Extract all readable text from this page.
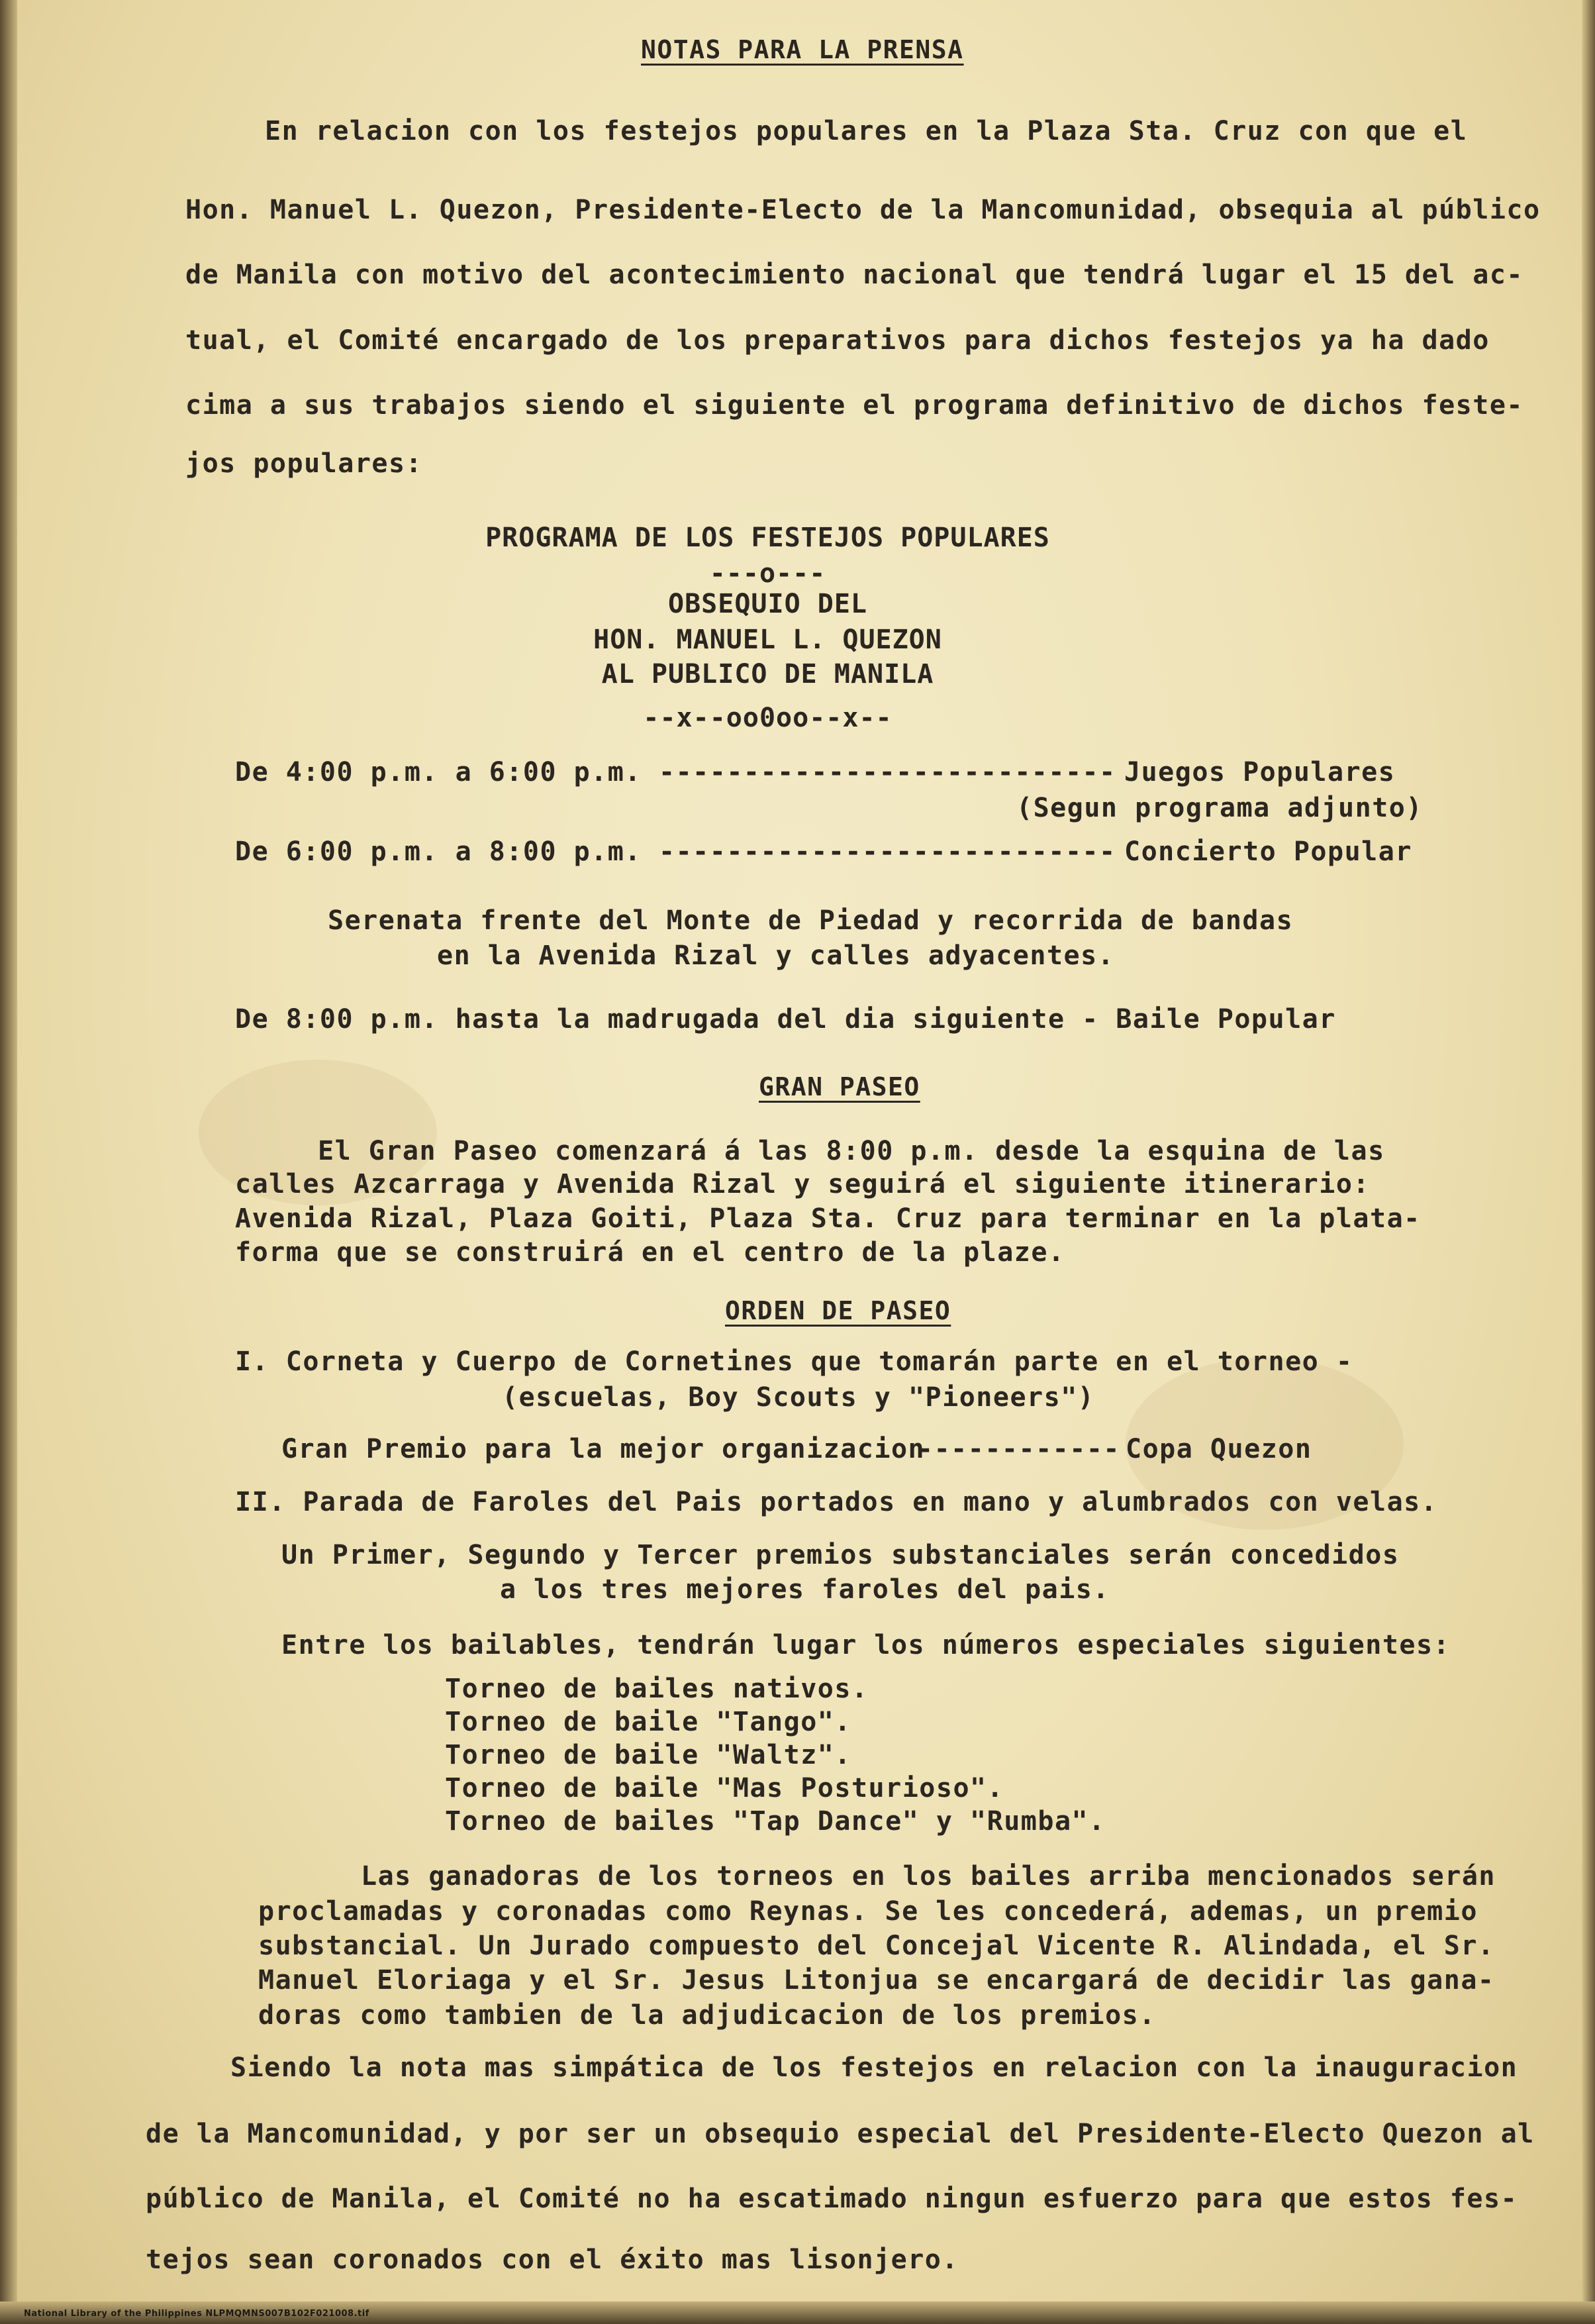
NOTAS PARA LA PRENSA
En relacion con los festejos populares en la Plaza Sta. Cruz con que el
Hon. Manuel L. Quezon, Presidente-Electo de la Mancomunidad, obsequia al público
de Manila con motivo del acontecimiento nacional que tendrá lugar el 15 del ac-
tual, el Comité encargado de los preparativos para dichos festejos ya ha dado
cima a sus trabajos siendo el siguiente el programa definitivo de dichos feste-
jos populares:
PROGRAMA DE LOS FESTEJOS POPULARES
---o---
OBSEQUIO DEL
HON. MANUEL L. QUEZON
AL PUBLICO DE MANILA
--x--oo0oo--x--
De 4:00 p.m. a 6:00 p.m. --------------------------- Juegos Populares
(Segun programa adjunto)
De 6:00 p.m. a 8:00 p.m. --------------------------- Concierto Popular
Serenata frente del Monte de Piedad y recorrida de bandas
en la Avenida Rizal y calles adyacentes.
De 8:00 p.m. hasta la madrugada del dia siguiente - Baile Popular
GRAN PASEO
El Gran Paseo comenzará á las 8:00 p.m. desde la esquina de las
calles Azcarraga y Avenida Rizal y seguirá el siguiente itinerario:
Avenida Rizal, Plaza Goiti, Plaza Sta. Cruz para terminar en la plata-
forma que se construirá en el centro de la plaze.
ORDEN DE PASEO
I. Corneta y Cuerpo de Cornetines que tomarán parte en el torneo -
(escuelas, Boy Scouts y "Pioneers")
Gran Premio para la mejor organizacion
------------ Copa Quezon
II. Parada de Faroles del Pais portados en mano y alumbrados con velas.
Un Primer, Segundo y Tercer premios substanciales serán concedidos
a los tres mejores faroles del pais.
Entre los bailables, tendrán lugar los números especiales siguientes:
Torneo de bailes nativos.
Torneo de baile "Tango".
Torneo de baile "Waltz".
Torneo de baile "Mas Posturioso".
Torneo de bailes "Tap Dance" y "Rumba".
Las ganadoras de los torneos en los bailes arriba mencionados serán
proclamadas y coronadas como Reynas. Se les concederá, ademas, un premio
substancial. Un Jurado compuesto del Concejal Vicente R. Alindada, el Sr.
Manuel Eloriaga y el Sr. Jesus Litonjua se encargará de decidir las gana-
doras como tambien de la adjudicacion de los premios.
Siendo la nota mas simpática de los festejos en relacion con la inauguracion
de la Mancomunidad, y por ser un obsequio especial del Presidente-Electo Quezon al
público de Manila, el Comité no ha escatimado ningun esfuerzo para que estos fes-
tejos sean coronados con el éxito mas lisonjero.
National Library of the Philippines NLPMQMNS007B102F021008.tif
